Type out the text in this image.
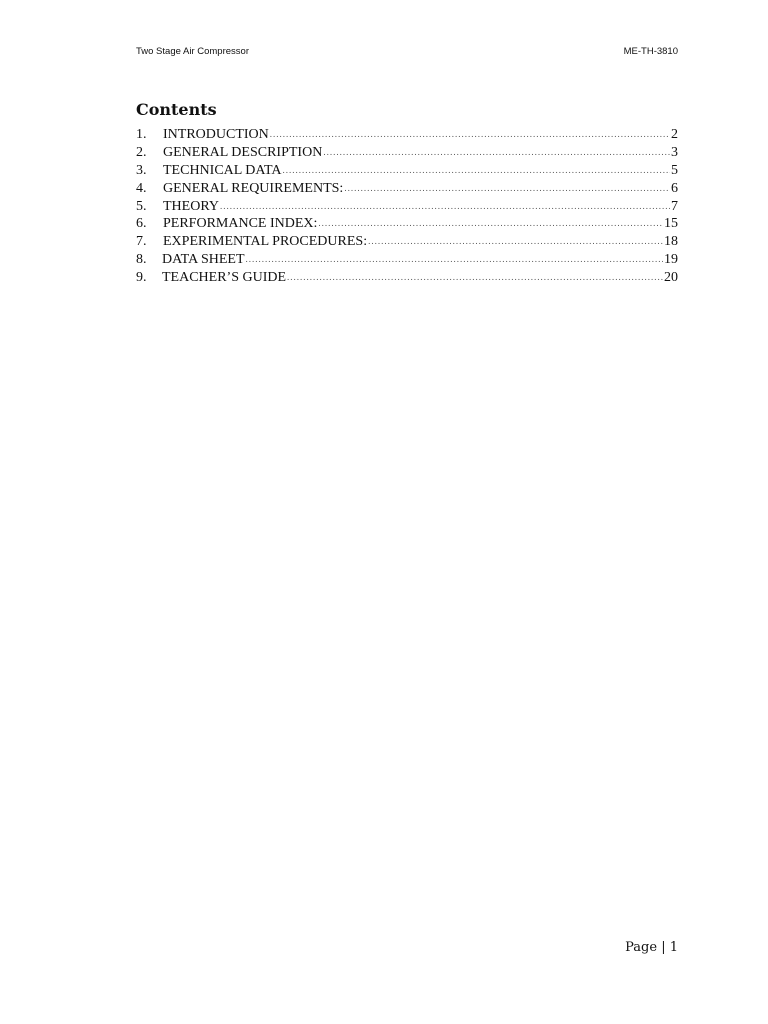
Two Stage Air Compressor	ME-TH-3810
Contents
1.	INTRODUCTION .....	2
2.	GENERAL DESCRIPTION .....	3
3.	TECHNICAL DATA .....	5
4.	GENERAL REQUIREMENTS: .....	6
5.	THEORY .....	7
6.	PERFORMANCE INDEX: .....	15
7.	EXPERIMENTAL PROCEDURES: .....	18
8.	DATA SHEET .....	19
9.	TEACHER’S GUIDE .....	20
Page | 1
